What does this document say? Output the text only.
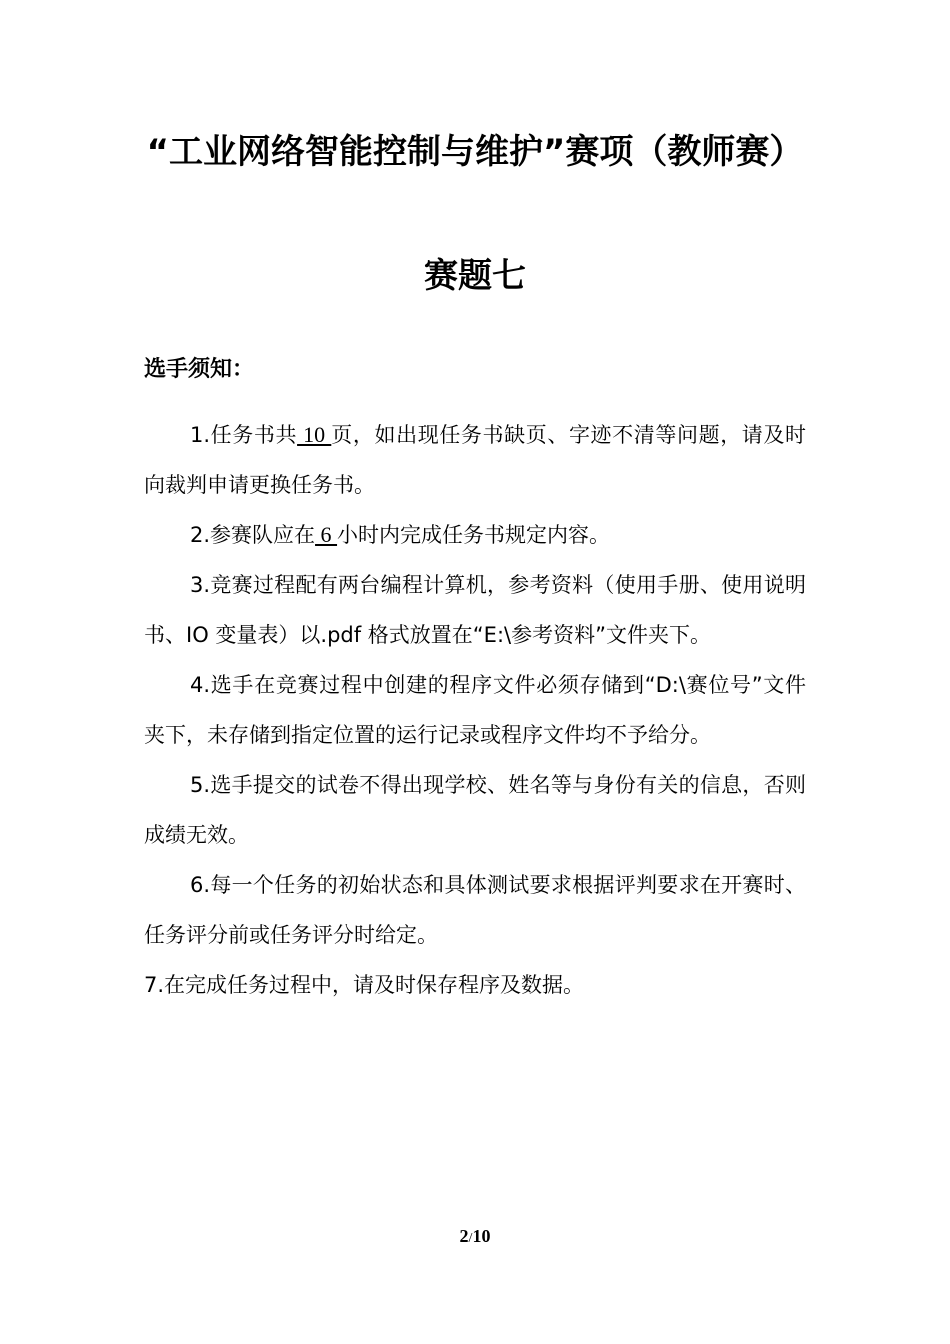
“工业网络智能控制与维护”赛项（教师赛）
赛题七
选手须知：

1.任务书共 10 页，如出现任务书缺页、字迹不清等问题，请及时向裁判申请更换任务书。

2.参赛队应在 6 小时内完成任务书规定内容。

3.竞赛过程配有两台编程计算机，参考资料（使用手册、使用说明书、IO 变量表）以.pdf 格式放置在“E:\参考资料”文件夹下。

4.选手在竞赛过程中创建的程序文件必须存储到“D:\赛位号”文件夹下，未存储到指定位置的运行记录或程序文件均不予给分。

5.选手提交的试卷不得出现学校、姓名等与身份有关的信息，否则成绩无效。

6.每一个任务的初始状态和具体测试要求根据评判要求在开赛时、任务评分前或任务评分时给定。

7.在完成任务过程中，请及时保存程序及数据。

2/10
